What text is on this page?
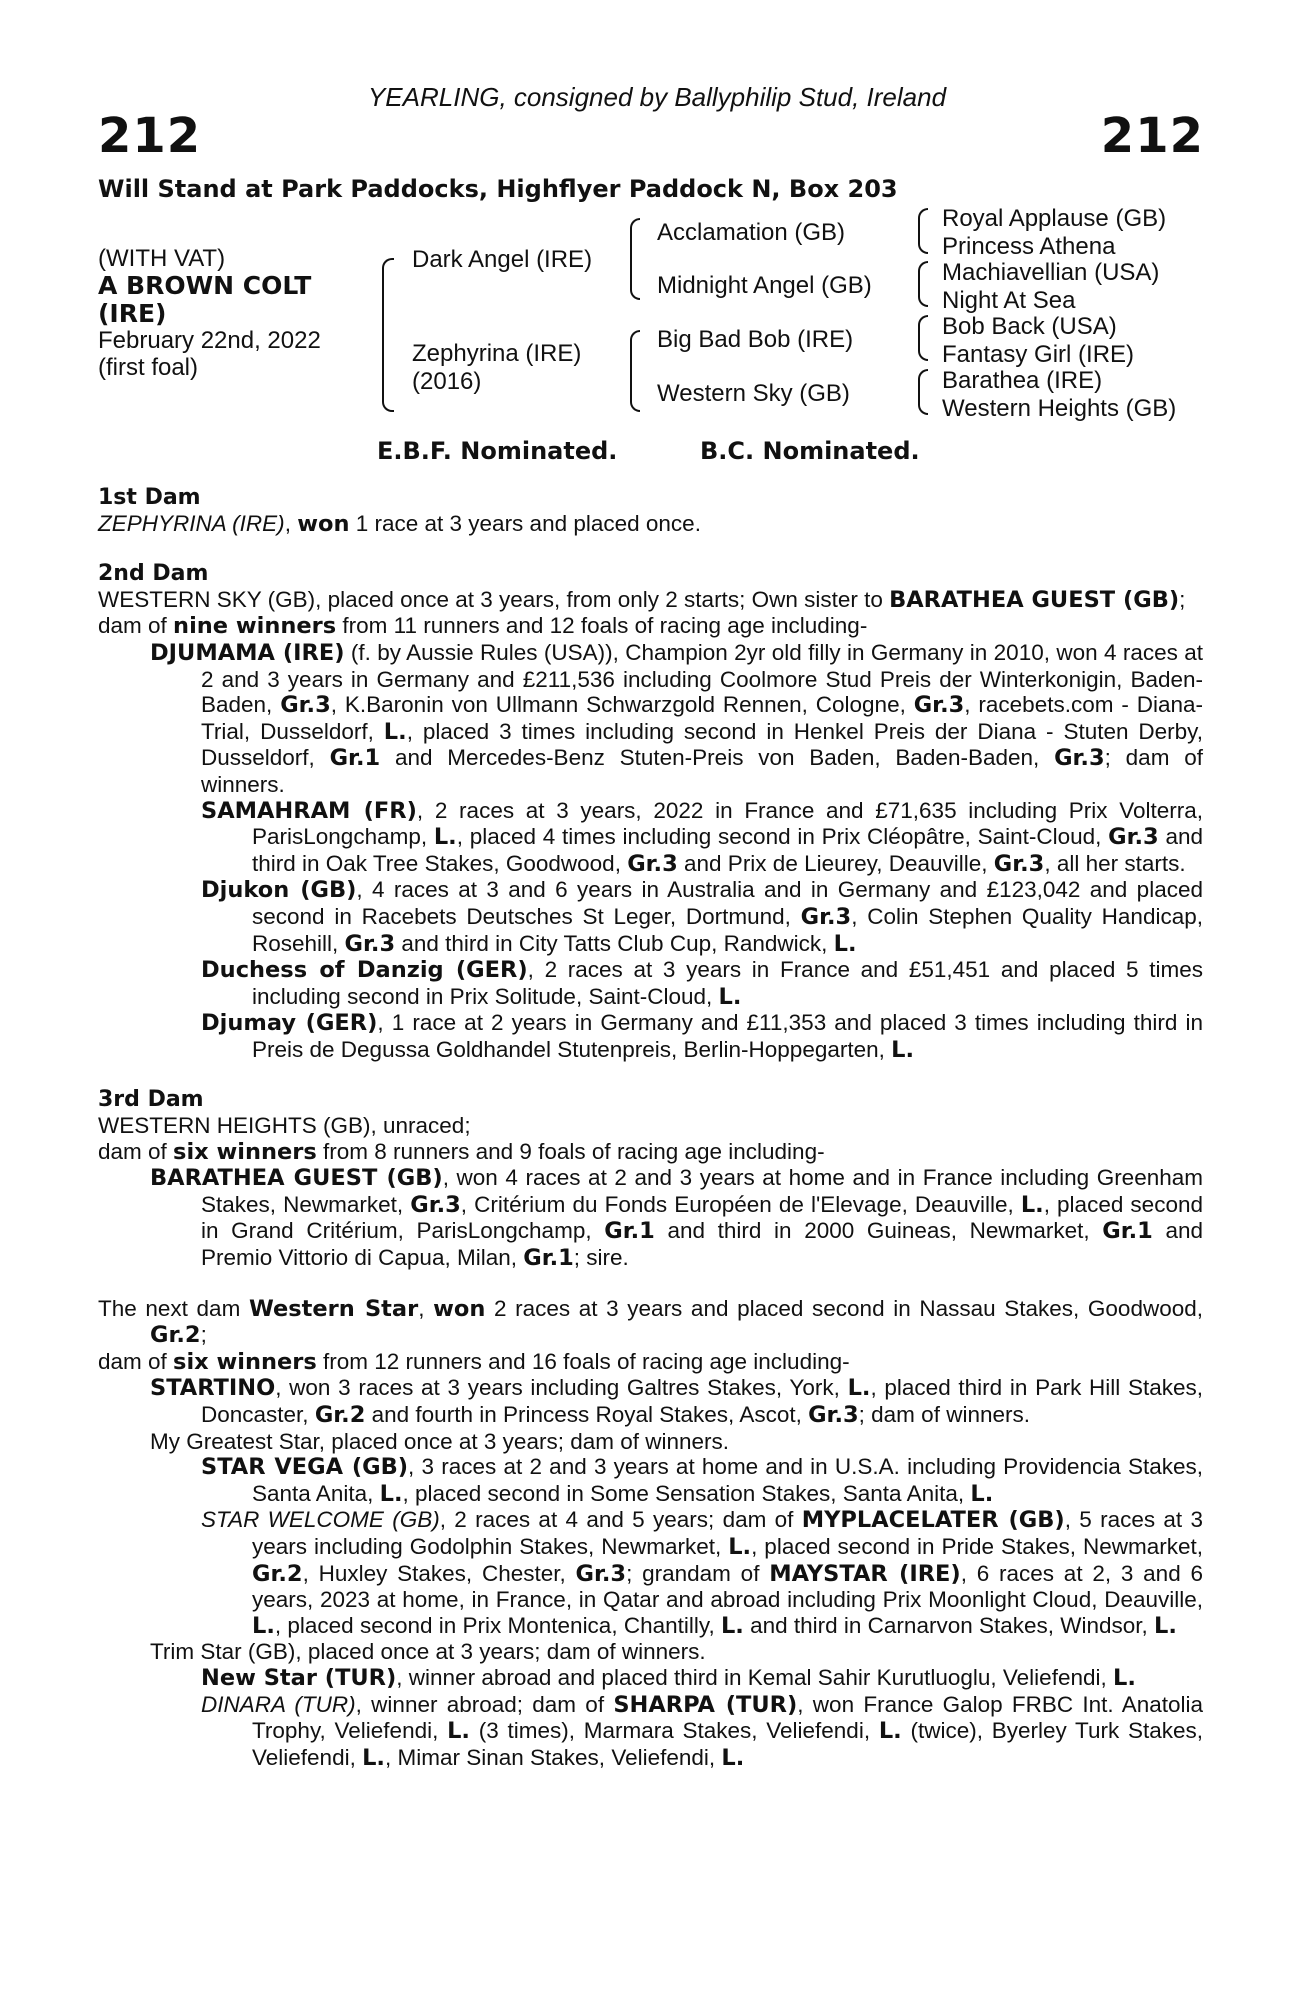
YEARLING, consigned by Ballyphilip Stud, Ireland
212	212
Will Stand at Park Paddocks, Highflyer Paddock N, Box 203
(WITH VAT)
A BROWN COLT
(IRE)
February 22nd, 2022
(first foal)
Dark Angel (IRE)
Zephyrina (IRE)
(2016)
Acclamation (GB)
Midnight Angel (GB)
Big Bad Bob (IRE)
Western Sky (GB)
Royal Applause (GB)
Princess Athena
Machiavellian (USA)
Night At Sea
Bob Back (USA)
Fantasy Girl (IRE)
Barathea (IRE)
Western Heights (GB)
E.B.F. Nominated.	B.C. Nominated.

1st Dam

ZEPHYRINA (IRE), won 1 race at 3 years and placed once.

2nd Dam

WESTERN SKY (GB), placed once at 3 years, from only 2 starts; Own sister to BARATHEA GUEST (GB);

dam of nine winners from 11 runners and 12 foals of racing age including-

DJUMAMA (IRE) (f. by Aussie Rules (USA)), Champion 2yr old filly in Germany in 2010, won 4 races at 2 and 3 years in Germany and £211,536 including Coolmore Stud Preis der Winterkonigin, Baden-Baden, Gr.3, K.Baronin von Ullmann Schwarzgold Rennen, Cologne, Gr.3, racebets.com - Diana-Trial, Dusseldorf, L., placed 3 times including second in Henkel Preis der Diana - Stuten Derby, Dusseldorf, Gr.1 and Mercedes-Benz Stuten-Preis von Baden, Baden-Baden, Gr.3; dam of winners.

SAMAHRAM (FR), 2 races at 3 years, 2022 in France and £71,635 including Prix Volterra, ParisLongchamp, L., placed 4 times including second in Prix Cléopâtre, Saint-Cloud, Gr.3 and third in Oak Tree Stakes, Goodwood, Gr.3 and Prix de Lieurey, Deauville, Gr.3, all her starts.

Djukon (GB), 4 races at 3 and 6 years in Australia and in Germany and £123,042 and placed second in Racebets Deutsches St Leger, Dortmund, Gr.3, Colin Stephen Quality Handicap, Rosehill, Gr.3 and third in City Tatts Club Cup, Randwick, L.

Duchess of Danzig (GER), 2 races at 3 years in France and £51,451 and placed 5 times including second in Prix Solitude, Saint-Cloud, L.

Djumay (GER), 1 race at 2 years in Germany and £11,353 and placed 3 times including third in Preis de Degussa Goldhandel Stutenpreis, Berlin-Hoppegarten, L.

3rd Dam

WESTERN HEIGHTS (GB), unraced;

dam of six winners from 8 runners and 9 foals of racing age including-

BARATHEA GUEST (GB), won 4 races at 2 and 3 years at home and in France including Greenham Stakes, Newmarket, Gr.3, Critérium du Fonds Européen de l'Elevage, Deauville, L., placed second in Grand Critérium, ParisLongchamp, Gr.1 and third in 2000 Guineas, Newmarket, Gr.1 and Premio Vittorio di Capua, Milan, Gr.1; sire.

The next dam Western Star, won 2 races at 3 years and placed second in Nassau Stakes, Goodwood, Gr.2;

dam of six winners from 12 runners and 16 foals of racing age including-

STARTINO, won 3 races at 3 years including Galtres Stakes, York, L., placed third in Park Hill Stakes, Doncaster, Gr.2 and fourth in Princess Royal Stakes, Ascot, Gr.3; dam of winners.

My Greatest Star, placed once at 3 years; dam of winners.

STAR VEGA (GB), 3 races at 2 and 3 years at home and in U.S.A. including Providencia Stakes, Santa Anita, L., placed second in Some Sensation Stakes, Santa Anita, L.

STAR WELCOME (GB), 2 races at 4 and 5 years; dam of MYPLACELATER (GB), 5 races at 3 years including Godolphin Stakes, Newmarket, L., placed second in Pride Stakes, Newmarket, Gr.2, Huxley Stakes, Chester, Gr.3; grandam of MAYSTAR (IRE), 6 races at 2, 3 and 6 years, 2023 at home, in France, in Qatar and abroad including Prix Moonlight Cloud, Deauville, L., placed second in Prix Montenica, Chantilly, L. and third in Carnarvon Stakes, Windsor, L.

Trim Star (GB), placed once at 3 years; dam of winners.

New Star (TUR), winner abroad and placed third in Kemal Sahir Kurutluoglu, Veliefendi, L.

DINARA (TUR), winner abroad; dam of SHARPA (TUR), won France Galop FRBC Int. Anatolia Trophy, Veliefendi, L. (3 times), Marmara Stakes, Veliefendi, L. (twice), Byerley Turk Stakes, Veliefendi, L., Mimar Sinan Stakes, Veliefendi, L.
